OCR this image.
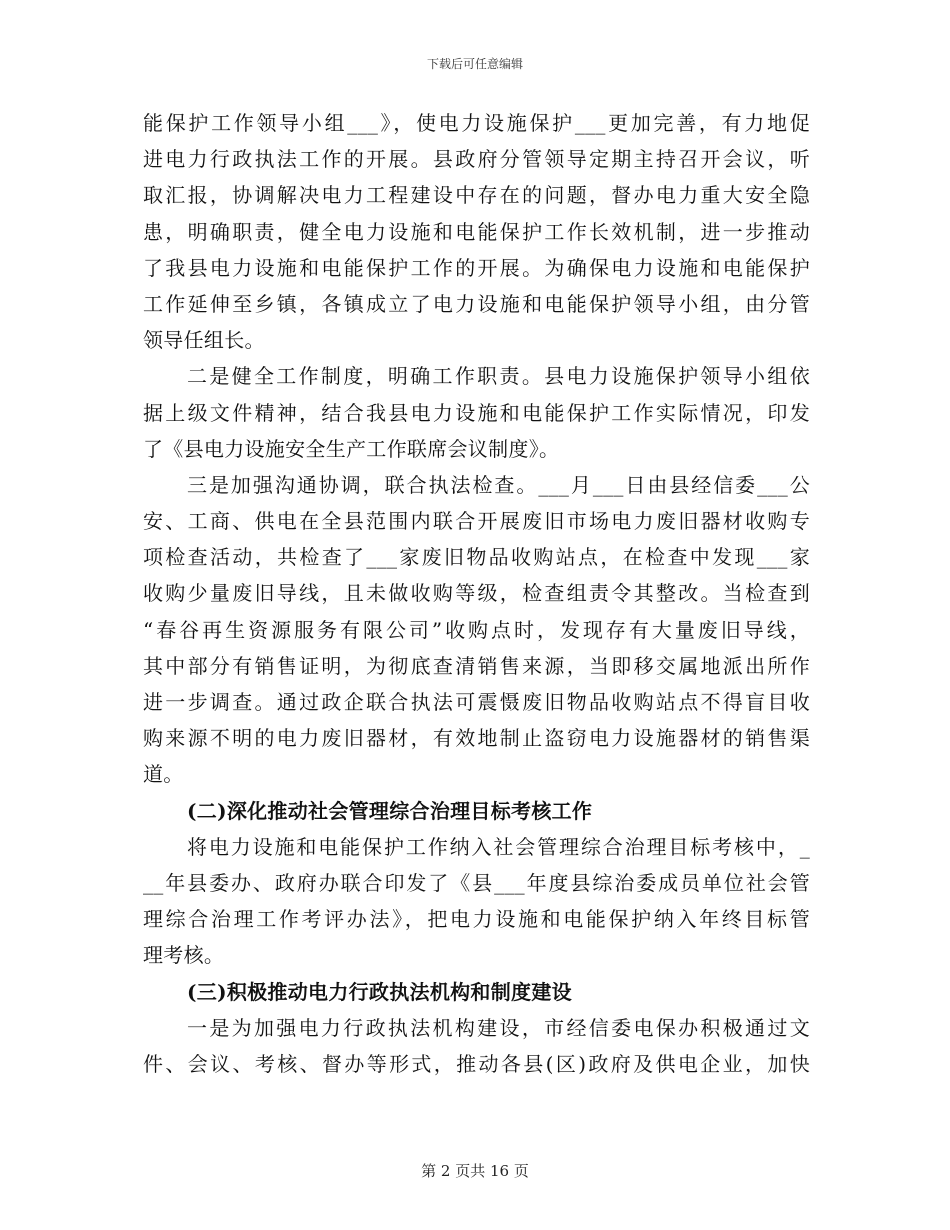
下载后可任意编辑
能保护工作领导小组___》，使电力设施保护___更加完善，有力地促
进电力行政执法工作的开展。县政府分管领导定期主持召开会议，听
取汇报，协调解决电力工程建设中存在的问题，督办电力重大安全隐
患，明确职责，健全电力设施和电能保护工作长效机制，进一步推动
了我县电力设施和电能保护工作的开展。为确保电力设施和电能保护
工作延伸至乡镇，各镇成立了电力设施和电能保护领导小组，由分管
领导任组长。
二是健全工作制度，明确工作职责。县电力设施保护领导小组依
据上级文件精神，结合我县电力设施和电能保护工作实际情况，印发
了《县电力设施安全生产工作联席会议制度》。
三是加强沟通协调，联合执法检查。___月___日由县经信委___公
安、工商、供电在全县范围内联合开展废旧市场电力废旧器材收购专
项检查活动，共检查了___家废旧物品收购站点，在检查中发现___家
收购少量废旧导线，且未做收购等级，检查组责令其整改。当检查到
“春谷再生资源服务有限公司”收购点时，发现存有大量废旧导线，
其中部分有销售证明，为彻底查清销售来源，当即移交属地派出所作
进一步调查。通过政企联合执法可震慑废旧物品收购站点不得盲目收
购来源不明的电力废旧器材，有效地制止盗窃电力设施器材的销售渠
道。
(二)深化推动社会管理综合治理目标考核工作
将电力设施和电能保护工作纳入社会管理综合治理目标考核中，_
__年县委办、政府办联合印发了《县___年度县综治委成员单位社会管
理综合治理工作考评办法》，把电力设施和电能保护纳入年终目标管
理考核。
(三)积极推动电力行政执法机构和制度建设
一是为加强电力行政执法机构建设，市经信委电保办积极通过文
件、会议、考核、督办等形式，推动各县(区)政府及供电企业，加快
第 2 页共 16 页
